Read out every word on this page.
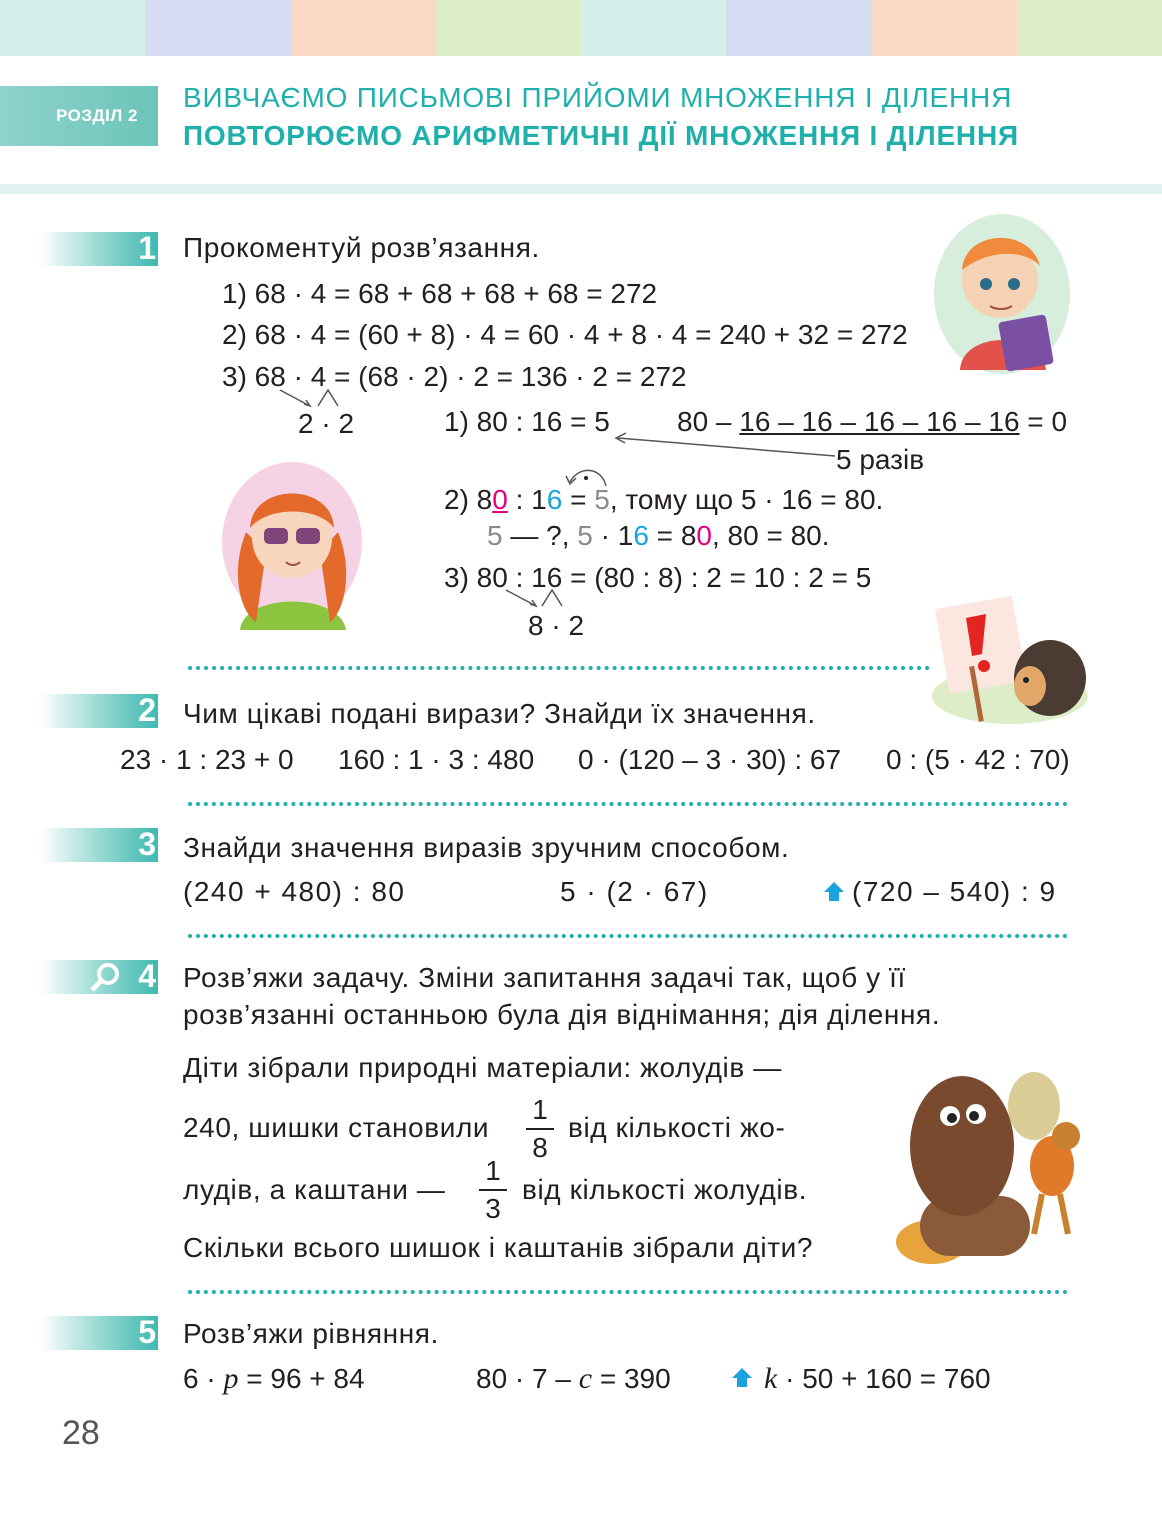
РОЗДІЛ 2
ВИВЧАЄМО ПИСЬМОВІ ПРИЙОМИ МНОЖЕННЯ І ДІЛЕННЯ
ПОВТОРЮЄМО АРИФМЕТИЧНІ ДІЇ МНОЖЕННЯ І ДІЛЕННЯ
1 Прокоментуй розв’язання.
1) 68 · 4 = 68 + 68 + 68 + 68 = 272
2) 68 · 4 = (60 + 8) · 4 = 60 · 4 + 8 · 4 = 240 + 32 = 272
3) 68 · 4 = (68 · 2) · 2 = 136 · 2 = 272
2 · 2	1) 80 : 16 = 5 80 – 16 – 16 – 16 – 16 – 16 = 0
5 разів
2) 80 : 16 = 5, тому що 5 · 16 = 80.
5 — ?, 5 · 16 = 80, 80 = 80.
3) 80 : 16 = (80 : 8) : 2 = 10 : 2 = 5
8 · 2
2 Чим цікаві подані вирази? Знайди їх значення.
23 · 1 : 23 + 0 160 : 1 · 3 : 480 0 · (120 – 3 · 30) : 67 0 : (5 · 42 : 70)
3 Знайди значення виразів зручним способом.
(240 + 480) : 80	5 · (2 · 67)	(720 – 540) : 9
4 Розв’яжи задачу. Зміни запитання задачі так, щоб у її
розв’язанні останньою була дія віднімання; дія ділення.
Діти зібрали природні матеріали: жолудів —
240, шишки становили
1
8
від кількості жо-
лудів, а каштани —
1
3
від кількості жолудів.
Скільки всього шишок і каштанів зібрали діти?
5 Розв’яжи рівняння.
6 · p = 96 + 84	80 · 7 – c = 390	k · 50 + 160 = 760
28
